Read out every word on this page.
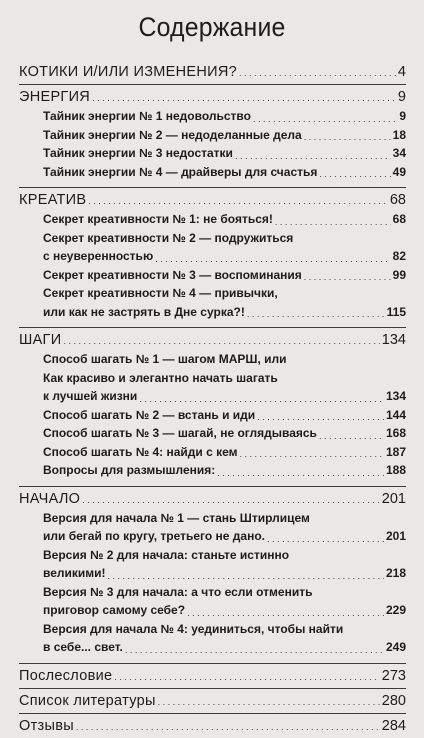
Содержание
КОТИКИ И/ИЛИ ИЗМЕНЕНИЯ? . . .	4
ЭНЕРГИЯ . . .	9
Тайник энергии № 1 недовольство . . .	9
Тайник энергии № 2 — недоделанные дела . . .	18
Тайник энергии № 3 недостатки . . .	34
Тайник энергии № 4 — драйверы для счастья . . .	49
КРЕАТИВ . . .	68
Секрет креативности № 1: не бояться! . . .	68
Секрет креативности № 2 — подружиться
с неуверенностью . . .	82
Секрет креативности № 3 — воспоминания . . .	99
Секрет креативности № 4 — привычки,
или как не застрять в Дне сурка?! . . .	115
ШАГИ . . .	134
Способ шагать № 1 — шагом МАРШ, или
Как красиво и элегантно начать шагать
к лучшей жизни . . .	134
Способ шагать № 2 — встань и иди . . .	144
Способ шагать № 3 — шагай, не оглядываясь . . .	168
Способ шагать № 4: найди с кем . . .	187
Вопросы для размышления: . . .	188
НАЧАЛО . . .	201
Версия для начала № 1 — стань Штирлицем
или бегай по кругу, третьего не дано. . . .	201
Версия № 2 для начала: станьте истинно
великими! . . .	218
Версия № 3 для начала: а что если отменить
приговор самому себе? . . .	229
Версия для начала № 4: уединиться, чтобы найти
в себе... свет. . . .	249
Послесловие . . .	273
Список литературы . . .	280
Отзывы . . .	284
